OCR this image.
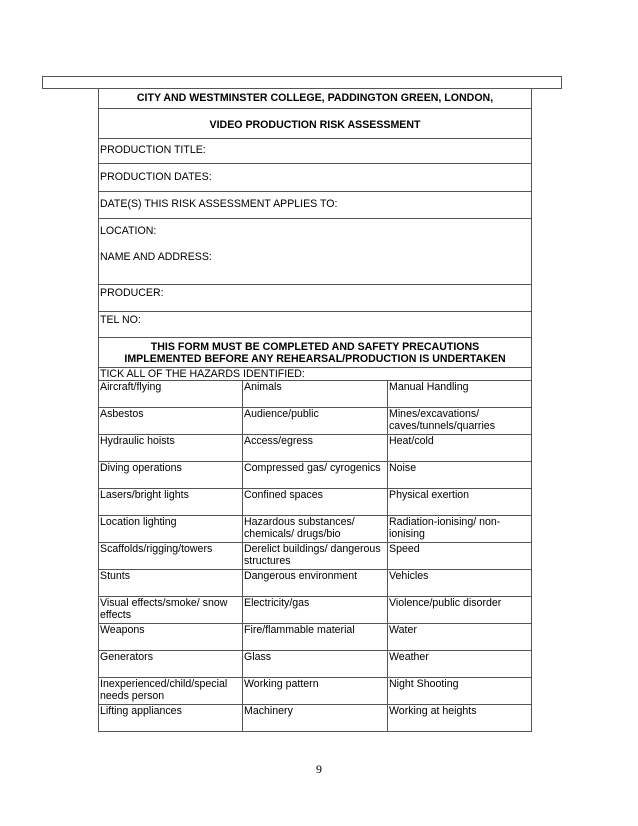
CITY AND WESTMINSTER COLLEGE, PADDINGTON GREEN, LONDON,		
VIDEO PRODUCTION RISK ASSESSMENT		
PRODUCTION TITLE:		
PRODUCTION DATES:		
DATE(S) THIS RISK ASSESSMENT APPLIES TO:		

LOCATION:
NAME AND ADDRESS:		

PRODUCER:		
TEL NO:		

THIS FORM MUST BE COMPLETED AND SAFETY PRECAUTIONS
IMPLEMENTED BEFORE ANY REHEARSAL/PRODUCTION IS UNDERTAKEN		

TICK ALL OF THE HAZARDS IDENTIFIED:		
Aircraft/flying	Animals	Manual Handling
Asbestos	Audience/public	Mines/excavations/ caves/tunnels/quarries
Hydraulic hoists	Access/egress	Heat/cold
Diving operations	Compressed gas/ cyrogenics	Noise
Lasers/bright lights	Confined spaces	Physical exertion
Location lighting	Hazardous substances/ chemicals/ drugs/bio	Radiation-ionising/ non-ionising
Scaffolds/rigging/towers	Derelict buildings/ dangerous structures	Speed
Stunts	Dangerous environment	Vehicles
Visual effects/smoke/ snow effects	Electricity/gas	Violence/public disorder
Weapons	Fire/flammable material	Water
Generators	Glass	Weather
Inexperienced/child/special needs person	Working pattern	Night Shooting
Lifting appliances	Machinery	Working at heights
9
